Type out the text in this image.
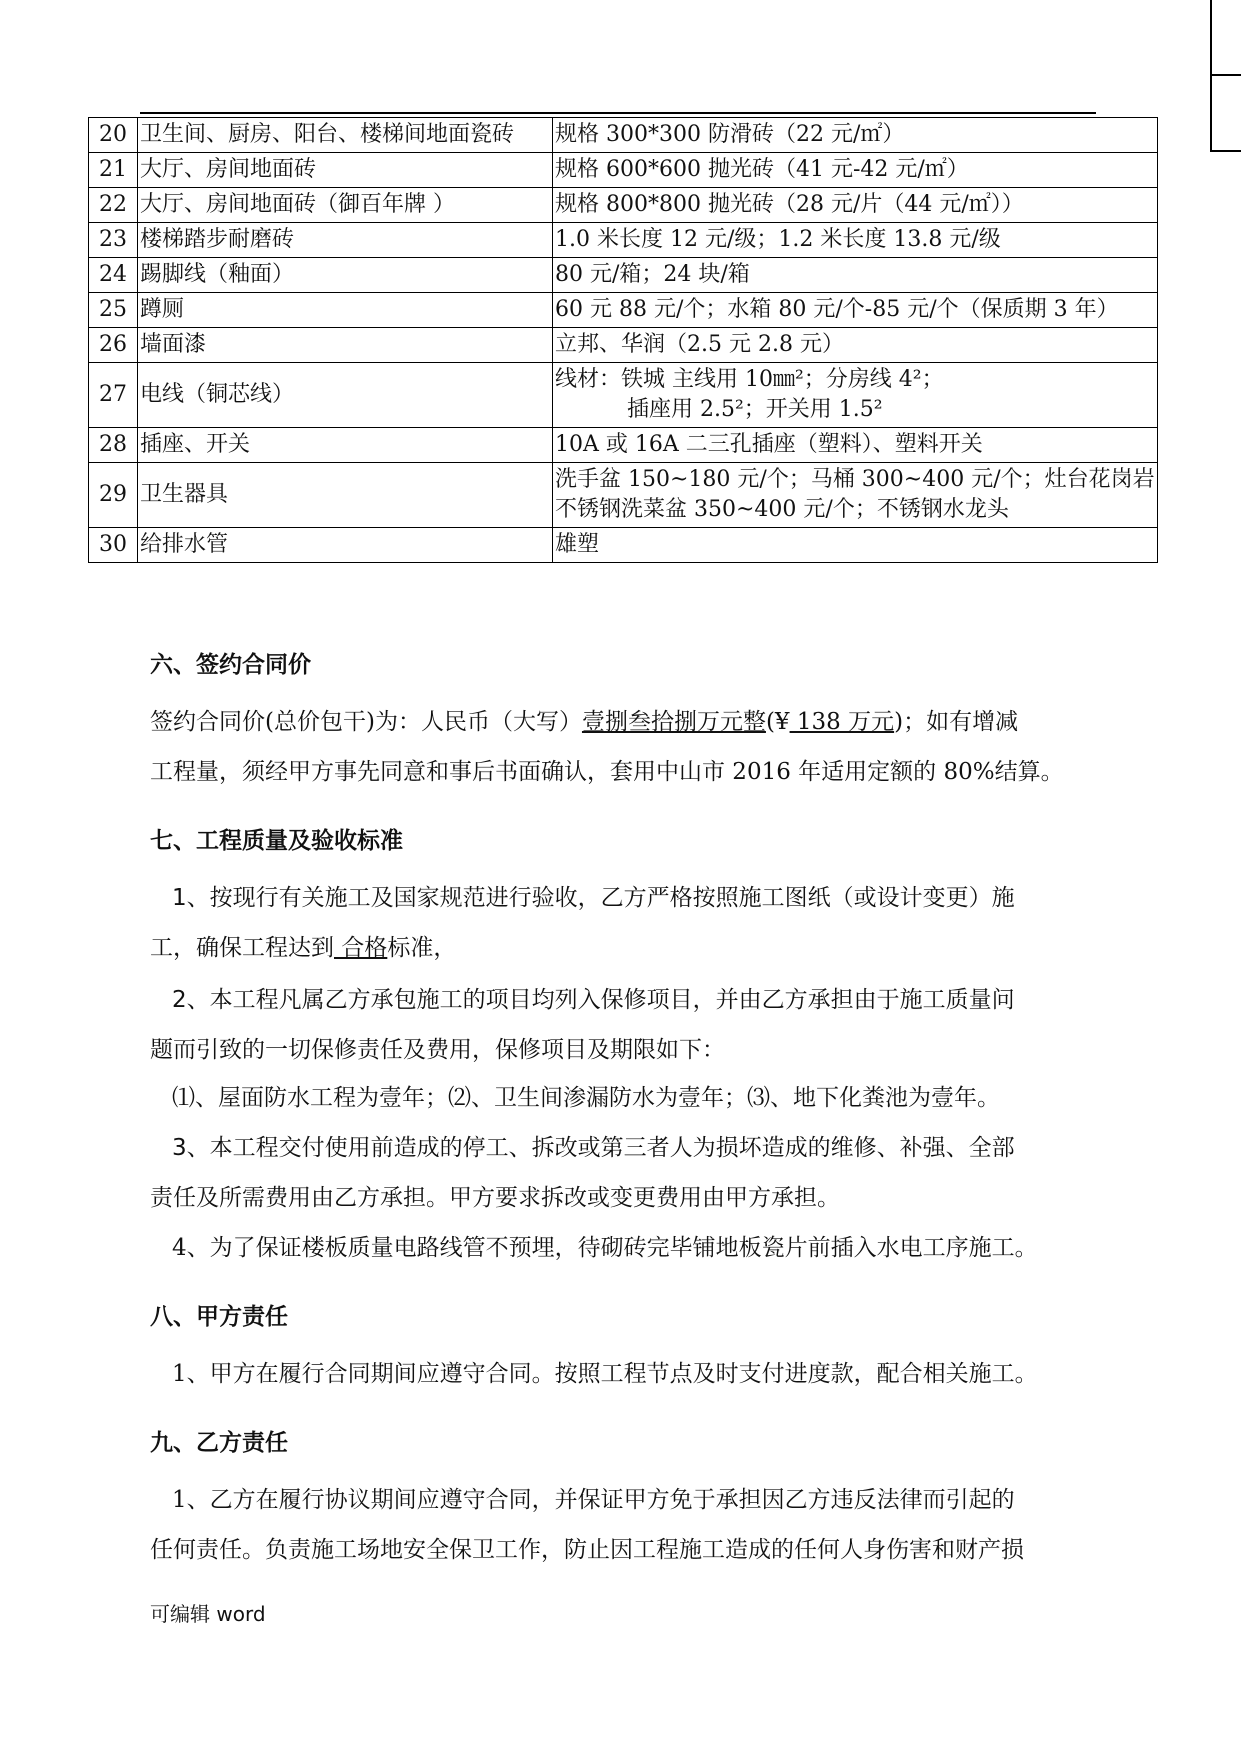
20	卫生间、厨房、阳台、楼梯间地面瓷砖	规格 300*300 防滑砖（22 元/㎡）

21	大厅、房间地面砖	规格 600*600 抛光砖（41 元-42 元/㎡）

22	大厅、房间地面砖（御百年牌 ）	规格 800*800 抛光砖（28 元/片（44 元/㎡））

23	楼梯踏步耐磨砖	1.0 米长度 12 元/级；1.2 米长度 13.8 元/级

24	踢脚线（釉面）	80 元/箱；24 块/箱

25	蹲厕	60 元 88 元/个；水箱 80 元/个-85 元/个（保质期 3 年）

26	墙面漆	立邦、华润（2.5 元 2.8 元）

27	电线（铜芯线）	线材：铁城 主线用 10㎜²；分房线 4²；
插座用 2.5²；开关用 1.5²
28	插座、开关	10A 或 16A 二三孔插座（塑料）、塑料开关

29	卫生器具	洗手盆 150~180 元/个；马桶 300~400 元/个；灶台花岗岩
不锈钢洗菜盆 350~400 元/个；不锈钢水龙头

30	给排水管	雄塑
六、签约合同价
签约合同价(总价包干)为：人民币（大写）壹捌叁拾捌万元整(¥ 138 万元)；如有增减
工程量，须经甲方事先同意和事后书面确认，套用中山市 2016 年适用定额的 80%结算。
七、工程质量及验收标准
1、按现行有关施工及国家规范进行验收，乙方严格按照施工图纸（或设计变更）施
工，确保工程达到 合格标准，
2、本工程凡属乙方承包施工的项目均列入保修项目，并由乙方承担由于施工质量问
题而引致的一切保修责任及费用，保修项目及期限如下：
⑴、屋面防水工程为壹年；⑵、卫生间渗漏防水为壹年；⑶、地下化粪池为壹年。
3、本工程交付使用前造成的停工、拆改或第三者人为损坏造成的维修、补强、全部
责任及所需费用由乙方承担。甲方要求拆改或变更费用由甲方承担。
4、为了保证楼板质量电路线管不预埋，待砌砖完毕铺地板瓷片前插入水电工序施工。
八、甲方责任
1、甲方在履行合同期间应遵守合同。按照工程节点及时支付进度款，配合相关施工。
九、乙方责任
1、乙方在履行协议期间应遵守合同，并保证甲方免于承担因乙方违反法律而引起的
任何责任。负责施工场地安全保卫工作，防止因工程施工造成的任何人身伤害和财产损
可编辑 word
